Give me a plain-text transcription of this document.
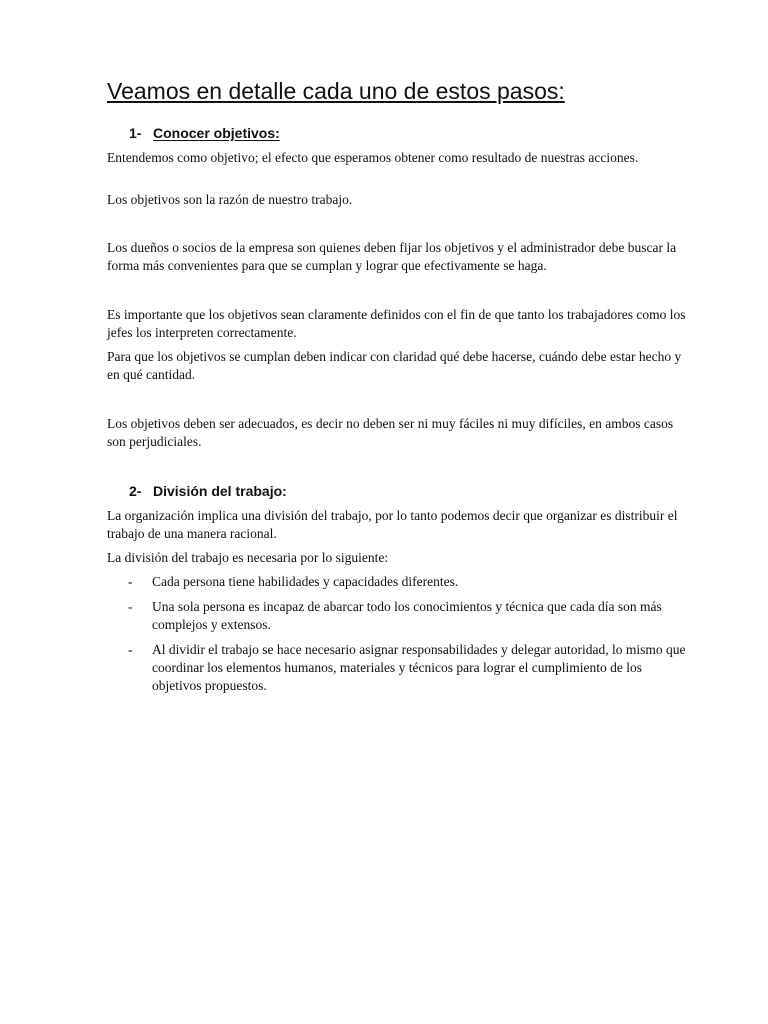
Veamos en detalle cada uno de estos pasos:
1- Conocer objetivos:

Entendemos como objetivo; el efecto que esperamos obtener como resultado de nuestras acciones.

Los objetivos son la razón de nuestro trabajo.

Los dueños o socios de la empresa son quienes deben fijar los objetivos y el administrador debe buscar la forma más convenientes para que se cumplan y lograr que efectivamente se haga.

Es importante que los objetivos sean claramente definidos con el fin de que tanto los trabajadores como los jefes los interpreten correctamente.

Para que los objetivos se cumplan deben indicar con claridad qué debe hacerse, cuándo debe estar hecho y en qué cantidad.

Los objetivos deben ser adecuados, es decir no deben ser ni muy fáciles ni muy difíciles, en ambos casos son perjudiciales.

2- División del trabajo:

La organización implica una división del trabajo, por lo tanto podemos decir que organizar es distribuir el trabajo de una manera racional.

La división del trabajo es necesaria por lo siguiente:

- Cada persona tiene habilidades y capacidades diferentes.
- Una sola persona es incapaz de abarcar todo los conocimientos y técnica que cada día son más complejos y extensos.
- Al dividir el trabajo se hace necesario asignar responsabilidades y delegar autoridad, lo mismo que coordinar los elementos humanos, materiales y técnicos para lograr el cumplimiento de los objetivos propuestos.
